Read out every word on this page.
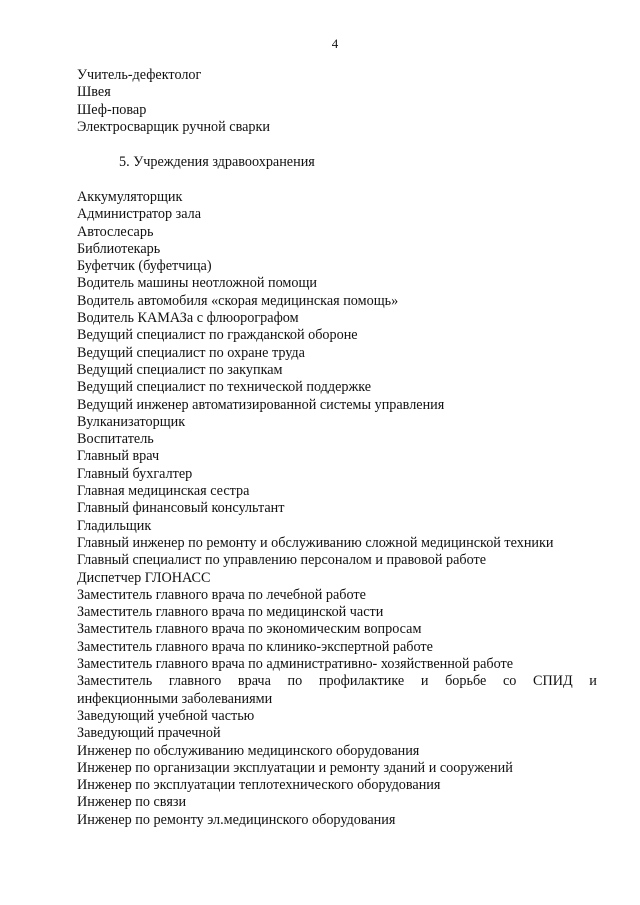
4
Учитель-дефектолог
Швея
Шеф-повар
Электросварщик ручной сварки
5. Учреждения здравоохранения
Аккумуляторщик
Администратор зала
Автослесарь
Библиотекарь
Буфетчик (буфетчица)
Водитель машины неотложной помощи
Водитель автомобиля «скорая медицинская помощь»
Водитель КАМАЗа с флюорографом
Ведущий специалист по гражданской обороне
Ведущий специалист по охране труда
Ведущий специалист по закупкам
Ведущий специалист по технической поддержке
Ведущий инженер автоматизированной системы управления
Вулканизаторщик
Воспитатель
Главный врач
Главный бухгалтер
Главная медицинская сестра
Главный финансовый консультант
Гладильщик
Главный инженер по ремонту и обслуживанию сложной медицинской техники
Главный специалист по управлению персоналом и правовой работе
Диспетчер ГЛОНАСС
Заместитель главного врача по лечебной работе
Заместитель главного врача по медицинской части
Заместитель главного врача по экономическим вопросам
Заместитель главного врача по клинико-экспертной работе
Заместитель главного врача по административно- хозяйственной работе
Заместитель главного врача по профилактике и борьбе со СПИД и
инфекционными заболеваниями
Заведующий учебной частью
Заведующий прачечной
Инженер по обслуживанию медицинского оборудования
Инженер по организации эксплуатации и ремонту зданий и сооружений
Инженер по эксплуатации теплотехнического оборудования
Инженер по связи
Инженер по ремонту эл.медицинского оборудования
